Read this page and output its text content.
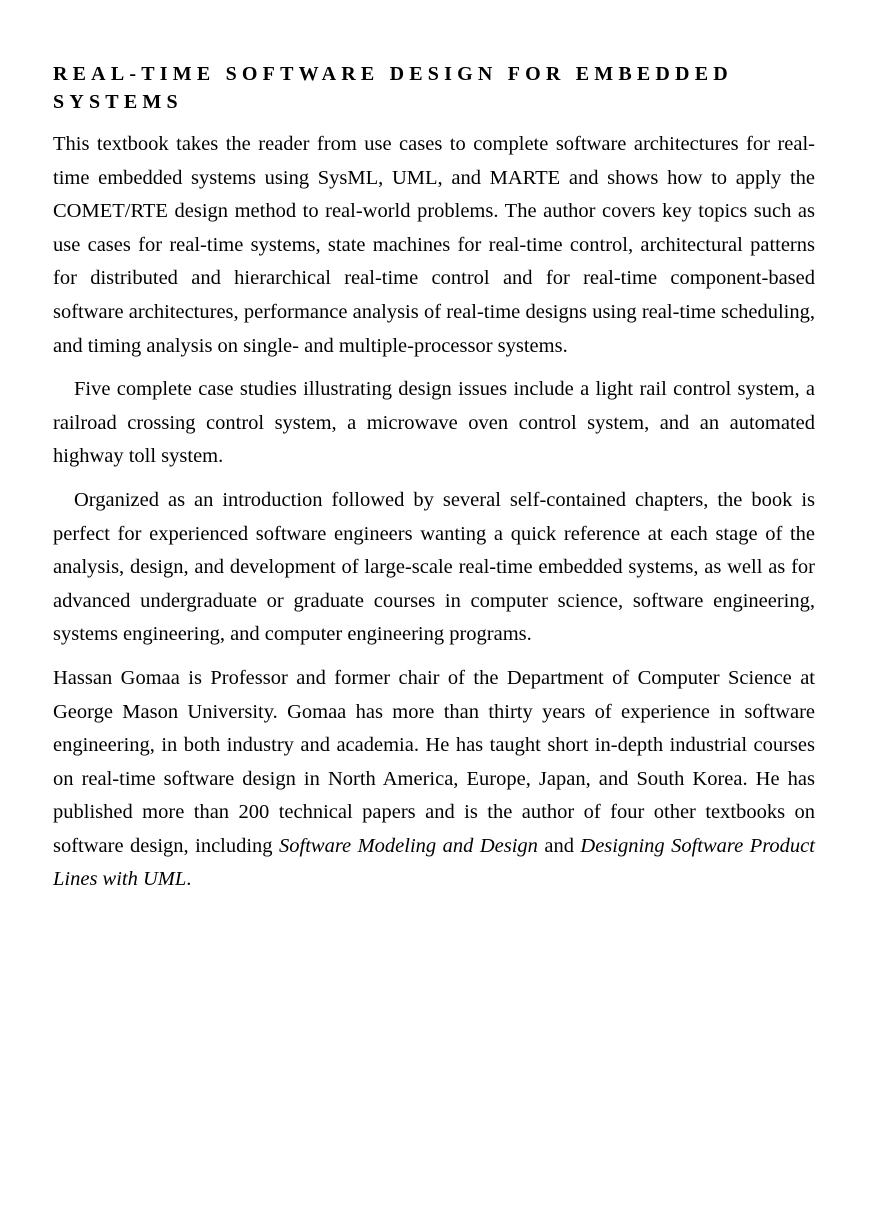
REAL-TIME SOFTWARE DESIGN FOR EMBEDDED SYSTEMS

This textbook takes the reader from use cases to complete software architectures for real-time embedded systems using SysML, UML, and MARTE and shows how to apply the COMET/RTE design method to real-world problems. The author covers key topics such as use cases for real-time systems, state machines for real-time control, architectural patterns for distributed and hierarchical real-time control and for real-time component-based software architectures, performance analysis of real-time designs using real-time scheduling, and timing analysis on single- and multiple-processor systems.

Five complete case studies illustrating design issues include a light rail control system, a railroad crossing control system, a microwave oven control system, and an automated highway toll system.

Organized as an introduction followed by several self-contained chapters, the book is perfect for experienced software engineers wanting a quick reference at each stage of the analysis, design, and development of large-scale real-time embedded systems, as well as for advanced undergraduate or graduate courses in computer science, software engineering, systems engineering, and computer engineering programs.

Hassan Gomaa is Professor and former chair of the Department of Computer Science at George Mason University. Gomaa has more than thirty years of experience in software engineering, in both industry and academia. He has taught short in-depth industrial courses on real-time software design in North America, Europe, Japan, and South Korea. He has published more than 200 technical papers and is the author of four other textbooks on software design, including Software Modeling and Design and Designing Software Product Lines with UML.
